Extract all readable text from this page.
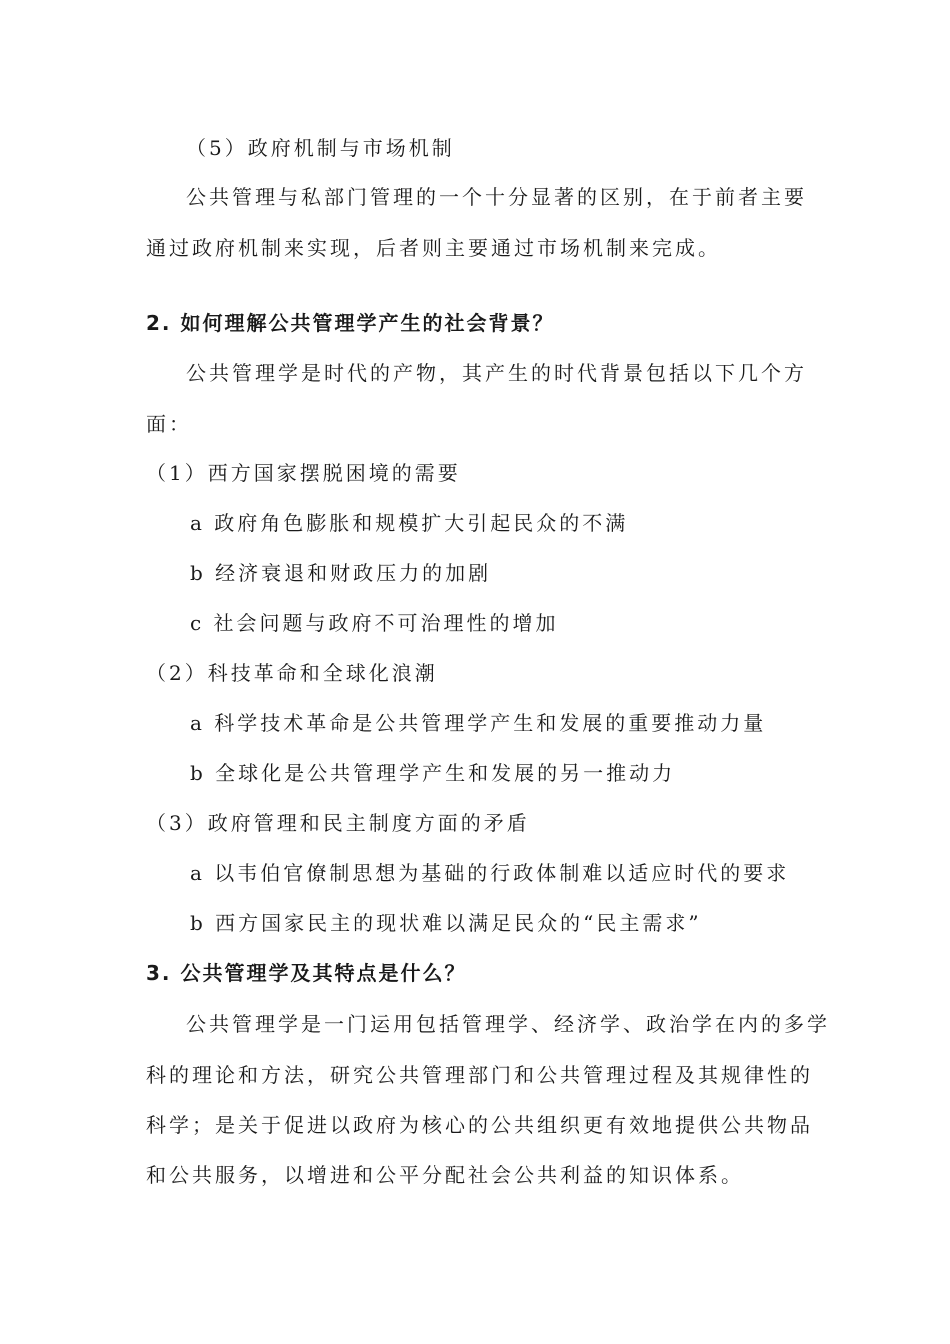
（5）政府机制与市场机制
公共管理与私部门管理的一个十分显著的区别，在于前者主要
通过政府机制来实现，后者则主要通过市场机制来完成。
2. 如何理解公共管理学产生的社会背景？
公共管理学是时代的产物，其产生的时代背景包括以下几个方
面：
（1）西方国家摆脱困境的需要
a 政府角色膨胀和规模扩大引起民众的不满
b 经济衰退和财政压力的加剧
c 社会问题与政府不可治理性的增加
（2）科技革命和全球化浪潮
a 科学技术革命是公共管理学产生和发展的重要推动力量
b 全球化是公共管理学产生和发展的另一推动力
（3）政府管理和民主制度方面的矛盾
a 以韦伯官僚制思想为基础的行政体制难以适应时代的要求
b 西方国家民主的现状难以满足民众的“民主需求”
3. 公共管理学及其特点是什么？
公共管理学是一门运用包括管理学、经济学、政治学在内的多学
科的理论和方法，研究公共管理部门和公共管理过程及其规律性的
科学；是关于促进以政府为核心的公共组织更有效地提供公共物品
和公共服务，以增进和公平分配社会公共利益的知识体系。
